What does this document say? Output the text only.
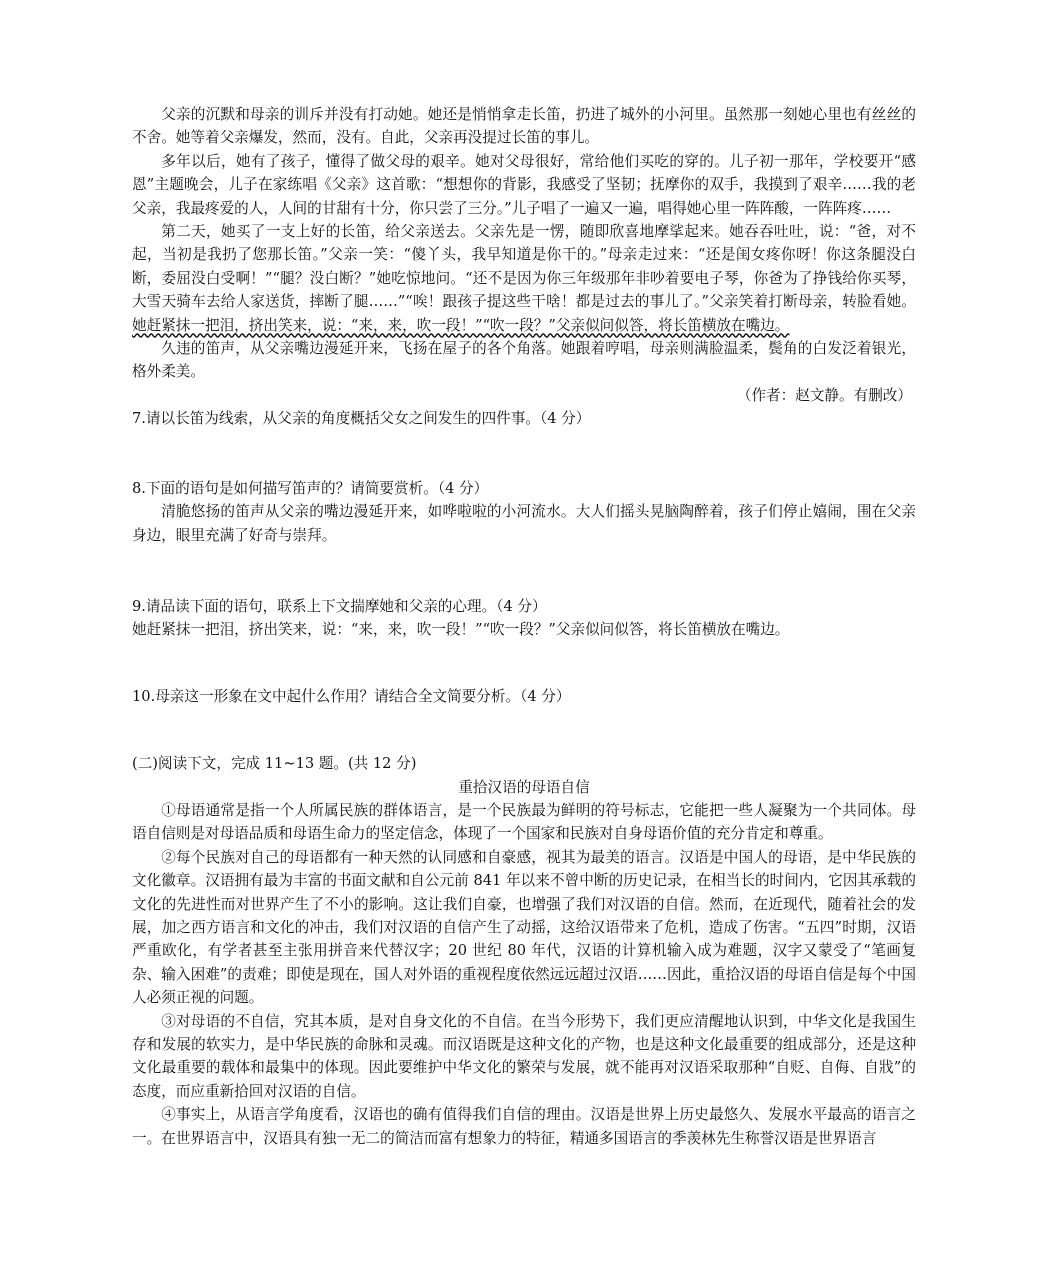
父亲的沉默和母亲的训斥并没有打动她。她还是悄悄拿走长笛，扔进了城外的小河里。虽然那一刻她心里也有丝丝的不舍。她等着父亲爆发，然而，没有。自此，父亲再没提过长笛的事儿。

多年以后，她有了孩子，懂得了做父母的艰辛。她对父母很好，常给他们买吃的穿的。儿子初一那年，学校要开“感恩”主题晚会，儿子在家练唱《父亲》这首歌：“想想你的背影，我感受了坚韧；抚摩你的双手，我摸到了艰辛……我的老父亲，我最疼爱的人，人间的甘甜有十分，你只尝了三分。”儿子唱了一遍又一遍，唱得她心里一阵阵酸，一阵阵疼……

第二天，她买了一支上好的长笛，给父亲送去。父亲先是一愣，随即欣喜地摩挲起来。她吞吞吐吐，说：“爸，对不起，当初是我扔了您那长笛。”父亲一笑：“傻丫头，我早知道是你干的。”母亲走过来：“还是闺女疼你呀！你这条腿没白断，委屈没白受啊！”“腿？没白断？”她吃惊地问。“还不是因为你三年级那年非吵着要电子琴，你爸为了挣钱给你买琴，大雪天骑车去给人家送货，摔断了腿……”“唉！跟孩子提这些干啥！都是过去的事儿了。”父亲笑着打断母亲，转脸看她。她赶紧抹一把泪，挤出笑来，说：“来，来，吹一段！”“吹一段？”父亲似问似答，将长笛横放在嘴边。

久违的笛声，从父亲嘴边漫延开来，飞扬在屋子的各个角落。她跟着哼唱，母亲则满脸温柔，鬓角的白发泛着银光，格外柔美。

（作者：赵文静。有删改）

7.请以长笛为线索，从父亲的角度概括父女之间发生的四件事。（4 分）

8.下面的语句是如何描写笛声的？请简要赏析。（4 分）

清脆悠扬的笛声从父亲的嘴边漫延开来，如哗啦啦的小河流水。大人们摇头晃脑陶醉着，孩子们停止嬉闹，围在父亲身边，眼里充满了好奇与崇拜。

9.请品读下面的语句，联系上下文揣摩她和父亲的心理。（4 分）

她赶紧抹一把泪，挤出笑来，说：“来，来，吹一段！”“吹一段？”父亲似问似答，将长笛横放在嘴边。

10.母亲这一形象在文中起什么作用？请结合全文简要分析。（4 分）

(二)阅读下文，完成 11~13 题。(共 12 分)

重拾汉语的母语自信

①母语通常是指一个人所属民族的群体语言，是一个民族最为鲜明的符号标志，它能把一些人凝聚为一个共同体。母语自信则是对母语品质和母语生命力的坚定信念，体现了一个国家和民族对自身母语价值的充分肯定和尊重。

②每个民族对自己的母语都有一种天然的认同感和自豪感，视其为最美的语言。汉语是中国人的母语，是中华民族的文化徽章。汉语拥有最为丰富的书面文献和自公元前 841 年以来不曾中断的历史记录，在相当长的时间内，它因其承载的文化的先进性而对世界产生了不小的影响。这让我们自豪，也增强了我们对汉语的自信。然而，在近现代，随着社会的发展，加之西方语言和文化的冲击，我们对汉语的自信产生了动摇，这给汉语带来了危机，造成了伤害。“五四”时期，汉语严重欧化，有学者甚至主张用拼音来代替汉字；20 世纪 80 年代，汉语的计算机输入成为难题，汉字又蒙受了“笔画复杂、输入困难”的责难；即使是现在，国人对外语的重视程度依然远远超过汉语……因此，重拾汉语的母语自信是每个中国人必须正视的问题。

③对母语的不自信，究其本质，是对自身文化的不自信。在当今形势下，我们更应清醒地认识到，中华文化是我国生存和发展的软实力，是中华民族的命脉和灵魂。而汉语既是这种文化的产物，也是这种文化最重要的组成部分，还是这种文化最重要的载体和最集中的体现。因此要维护中华文化的繁荣与发展，就不能再对汉语采取那种“自贬、自侮、自戕”的态度，而应重新拾回对汉语的自信。

④事实上，从语言学角度看，汉语也的确有值得我们自信的理由。汉语是世界上历史最悠久、发展水平最高的语言之一。在世界语言中，汉语具有独一无二的简洁而富有想象力的特征，精通多国语言的季羡林先生称誉汉语是世界语言
